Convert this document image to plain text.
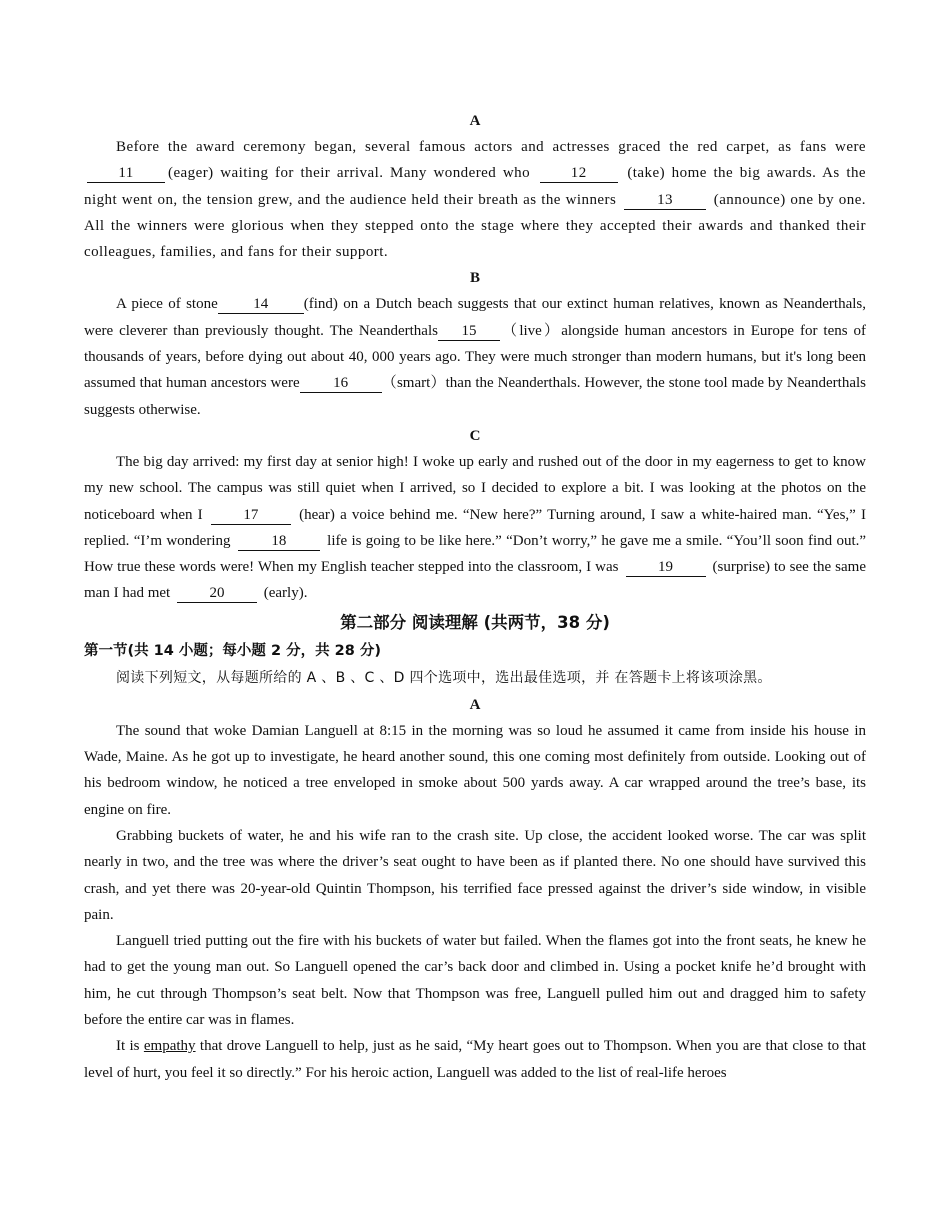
A

Before the award ceremony began, several famous actors and actresses graced the red carpet, as fans were 11 (eager) waiting for their arrival. Many wondered who	12	(take) home the big awards. As the night went on, the tension grew, and the audience held their breath as the winners	13	(announce) one by one. All the winners were glorious when they stepped onto the stage where they accepted their awards and thanked their colleagues, families, and fans for their support.

B

A piece of stone 14 (find) on a Dutch beach suggests that our extinct human relatives, known as Neanderthals, were cleverer than previously thought. The Neanderthals 15 （live）alongside human ancestors in Europe for tens of thousands of years, before dying out about 40, 000 years ago. They were much stronger than modern humans, but it's long been assumed that human ancestors were 16 （smart）than the Neanderthals. However, the stone tool made by Neanderthals suggests otherwise.

C

The big day arrived: my first day at senior high! I woke up early and rushed out of the door in my eagerness to get to know my new school. The campus was still quiet when I arrived, so I decided to explore a bit. I was looking at the photos on the noticeboard when I	17	(hear) a voice behind me. “New here?” Turning around, I saw a white-haired man. “Yes,” I replied. “I’m wondering	18	life is going to be like here.” “Don’t worry,” he gave me a smile. “You’ll soon find out.” How true these words were! When my English teacher stepped into the classroom, I was	19	(surprise) to see the same man I had met	20	(early).

第二部分 阅读理解 (共两节，38 分)

第一节(共 14 小题；每小题 2 分，共 28 分)

阅读下列短文，从每题所给的 A 、B 、C 、D 四个选项中，选出最佳选项，并 在答题卡上将该项涂黑。

A

The sound that woke Damian Languell at 8:15 in the morning was so loud he assumed it came from inside his house in Wade, Maine. As he got up to investigate, he heard another sound, this one coming most definitely from outside. Looking out of his bedroom window, he noticed a tree enveloped in smoke about 500 yards away. A car wrapped around the tree’s base, its engine on fire.

Grabbing buckets of water, he and his wife ran to the crash site. Up close, the accident looked worse. The car was split nearly in two, and the tree was where the driver’s seat ought to have been as if planted there. No one should have survived this crash, and yet there was 20-year-old Quintin Thompson, his terrified face pressed against the driver’s side window, in visible pain.

Languell tried putting out the fire with his buckets of water but failed. When the flames got into the front seats, he knew he had to get the young man out. So Languell opened the car’s back door and climbed in. Using a pocket knife he’d brought with him, he cut through Thompson’s seat belt. Now that Thompson was free, Languell pulled him out and dragged him to safety before the entire car was in flames.

It is empathy that drove Languell to help, just as he said, “My heart goes out to Thompson. When you are that close to that level of hurt, you feel it so directly.” For his heroic action, Languell was added to the list of real-life heroes
